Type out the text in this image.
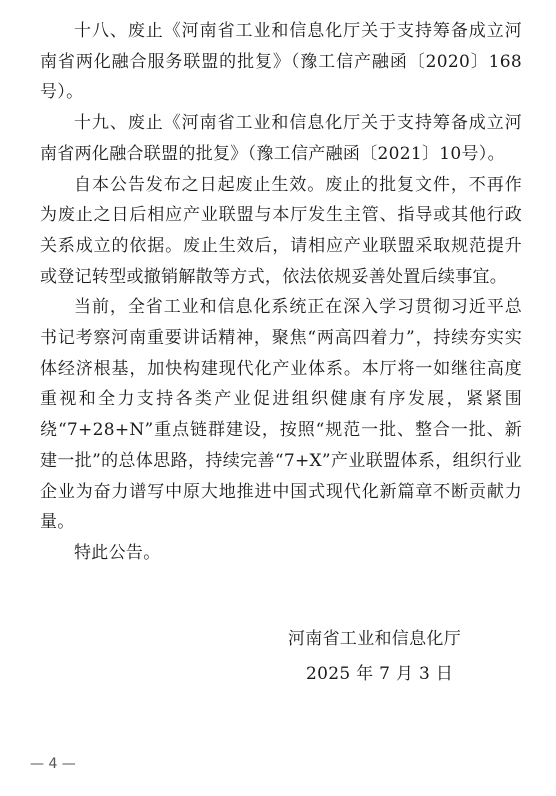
十八、废止《河南省工业和信息化厅关于支持筹备成立河南省两化融合服务联盟的批复》（豫工信产融函〔2020〕168号）。

十九、废止《河南省工业和信息化厅关于支持筹备成立河南省两化融合联盟的批复》（豫工信产融函〔2021〕10号）。

自本公告发布之日起废止生效。废止的批复文件，不再作为废止之日后相应产业联盟与本厅发生主管、指导或其他行政关系成立的依据。废止生效后，请相应产业联盟采取规范提升或登记转型或撤销解散等方式，依法依规妥善处置后续事宜。

当前，全省工业和信息化系统正在深入学习贯彻习近平总书记考察河南重要讲话精神，聚焦“两高四着力”，持续夯实实体经济根基，加快构建现代化产业体系。本厅将一如继往高度重视和全力支持各类产业促进组织健康有序发展，紧紧围绕“7+28+N”重点链群建设，按照“规范一批、整合一批、新建一批”的总体思路，持续完善“7+X”产业联盟体系，组织行业企业为奋力谱写中原大地推进中国式现代化新篇章不断贡献力量。

特此公告。

河南省工业和信息化厅
2025 年 7 月 3 日
— 4 —
